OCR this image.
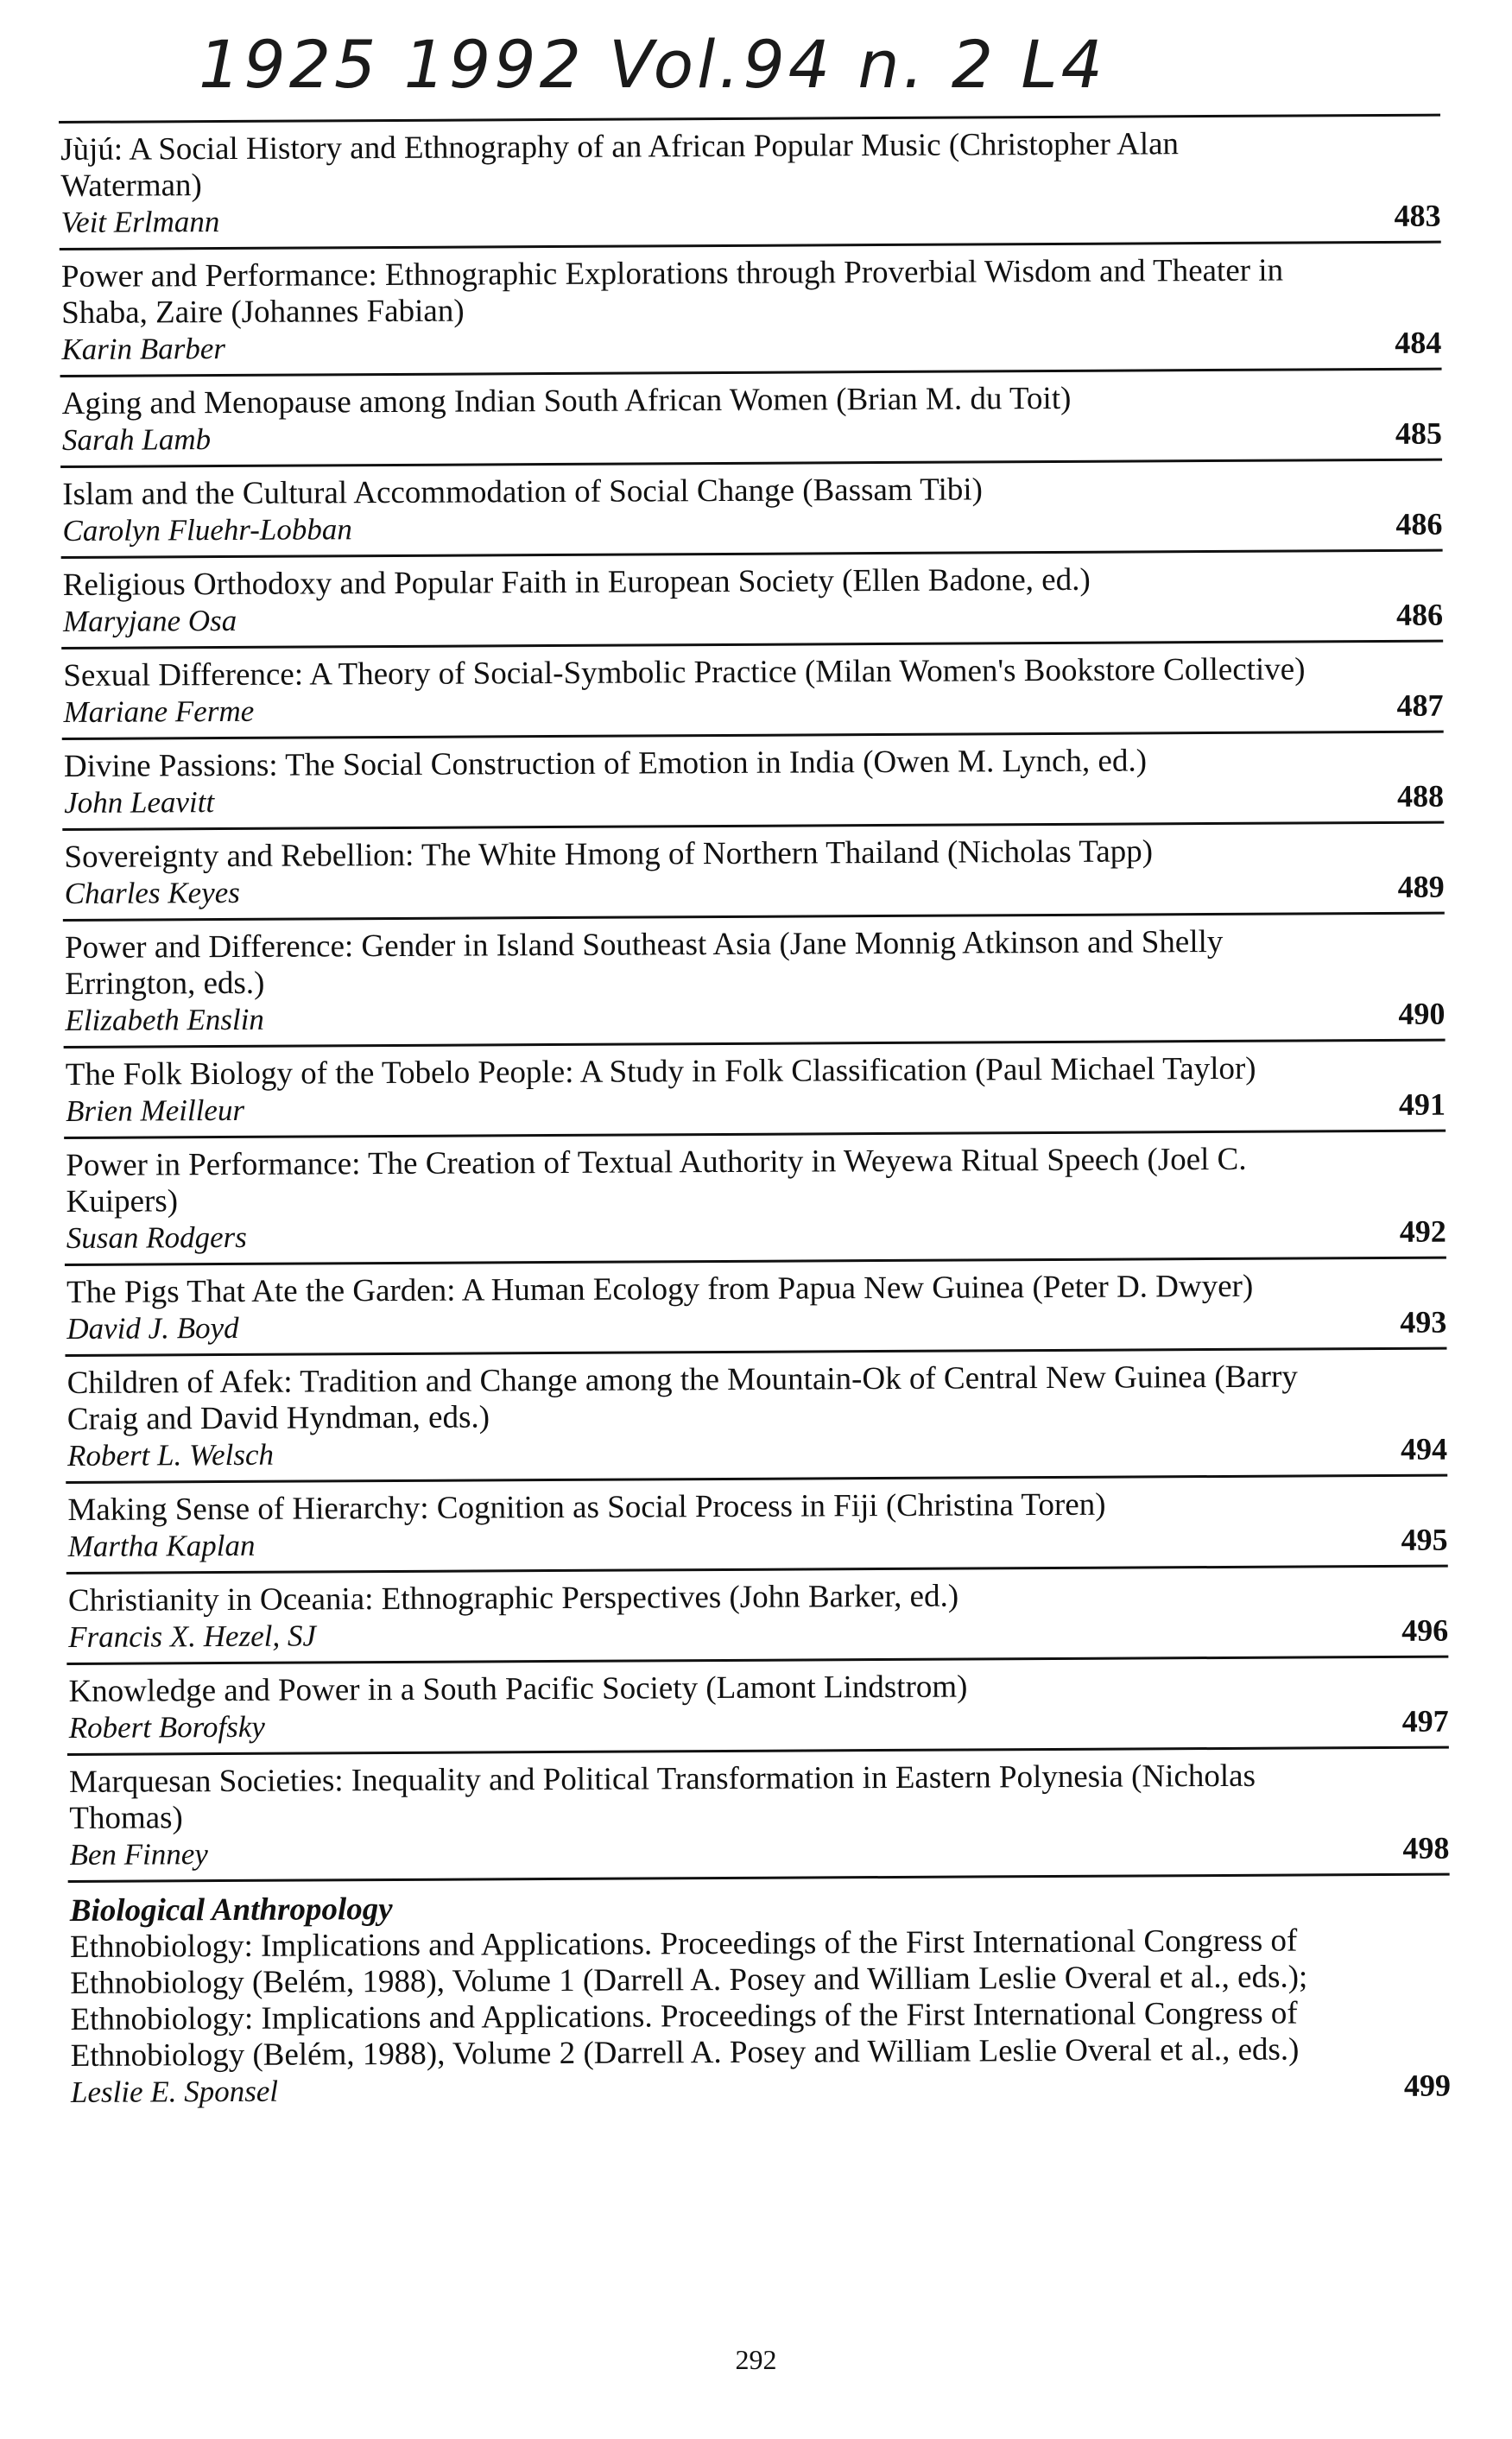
1925 1992 Vol.94 n. 2 L4
Jùjú: A Social History and Ethnography of an African Popular Music (Christopher Alan Waterman)
Veit Erlmann	483
Power and Performance: Ethnographic Explorations through Proverbial Wisdom and Theater in Shaba, Zaire (Johannes Fabian)
Karin Barber	484
Aging and Menopause among Indian South African Women (Brian M. du Toit)
Sarah Lamb	485
Islam and the Cultural Accommodation of Social Change (Bassam Tibi)
Carolyn Fluehr-Lobban	486
Religious Orthodoxy and Popular Faith in European Society (Ellen Badone, ed.)
Maryjane Osa	486
Sexual Difference: A Theory of Social-Symbolic Practice (Milan Women's Bookstore Collective)
Mariane Ferme	487
Divine Passions: The Social Construction of Emotion in India (Owen M. Lynch, ed.)
John Leavitt	488
Sovereignty and Rebellion: The White Hmong of Northern Thailand (Nicholas Tapp)
Charles Keyes	489
Power and Difference: Gender in Island Southeast Asia (Jane Monnig Atkinson and Shelly Errington, eds.)
Elizabeth Enslin	490
The Folk Biology of the Tobelo People: A Study in Folk Classification (Paul Michael Taylor)
Brien Meilleur	491
Power in Performance: The Creation of Textual Authority in Weyewa Ritual Speech (Joel C. Kuipers)
Susan Rodgers	492
The Pigs That Ate the Garden: A Human Ecology from Papua New Guinea (Peter D. Dwyer)
David J. Boyd	493
Children of Afek: Tradition and Change among the Mountain-Ok of Central New Guinea (Barry Craig and David Hyndman, eds.)
Robert L. Welsch	494
Making Sense of Hierarchy: Cognition as Social Process in Fiji (Christina Toren)
Martha Kaplan	495
Christianity in Oceania: Ethnographic Perspectives (John Barker, ed.)
Francis X. Hezel, SJ	496
Knowledge and Power in a South Pacific Society (Lamont Lindstrom)
Robert Borofsky	497
Marquesan Societies: Inequality and Political Transformation in Eastern Polynesia (Nicholas Thomas)
Ben Finney	498
Biological Anthropology
Ethnobiology: Implications and Applications. Proceedings of the First International Congress of Ethnobiology (Belém, 1988), Volume 1 (Darrell A. Posey and William Leslie Overal et al., eds.); Ethnobiology: Implications and Applications. Proceedings of the First International Congress of Ethnobiology (Belém, 1988), Volume 2 (Darrell A. Posey and William Leslie Overal et al., eds.)
Leslie E. Sponsel	499
292
